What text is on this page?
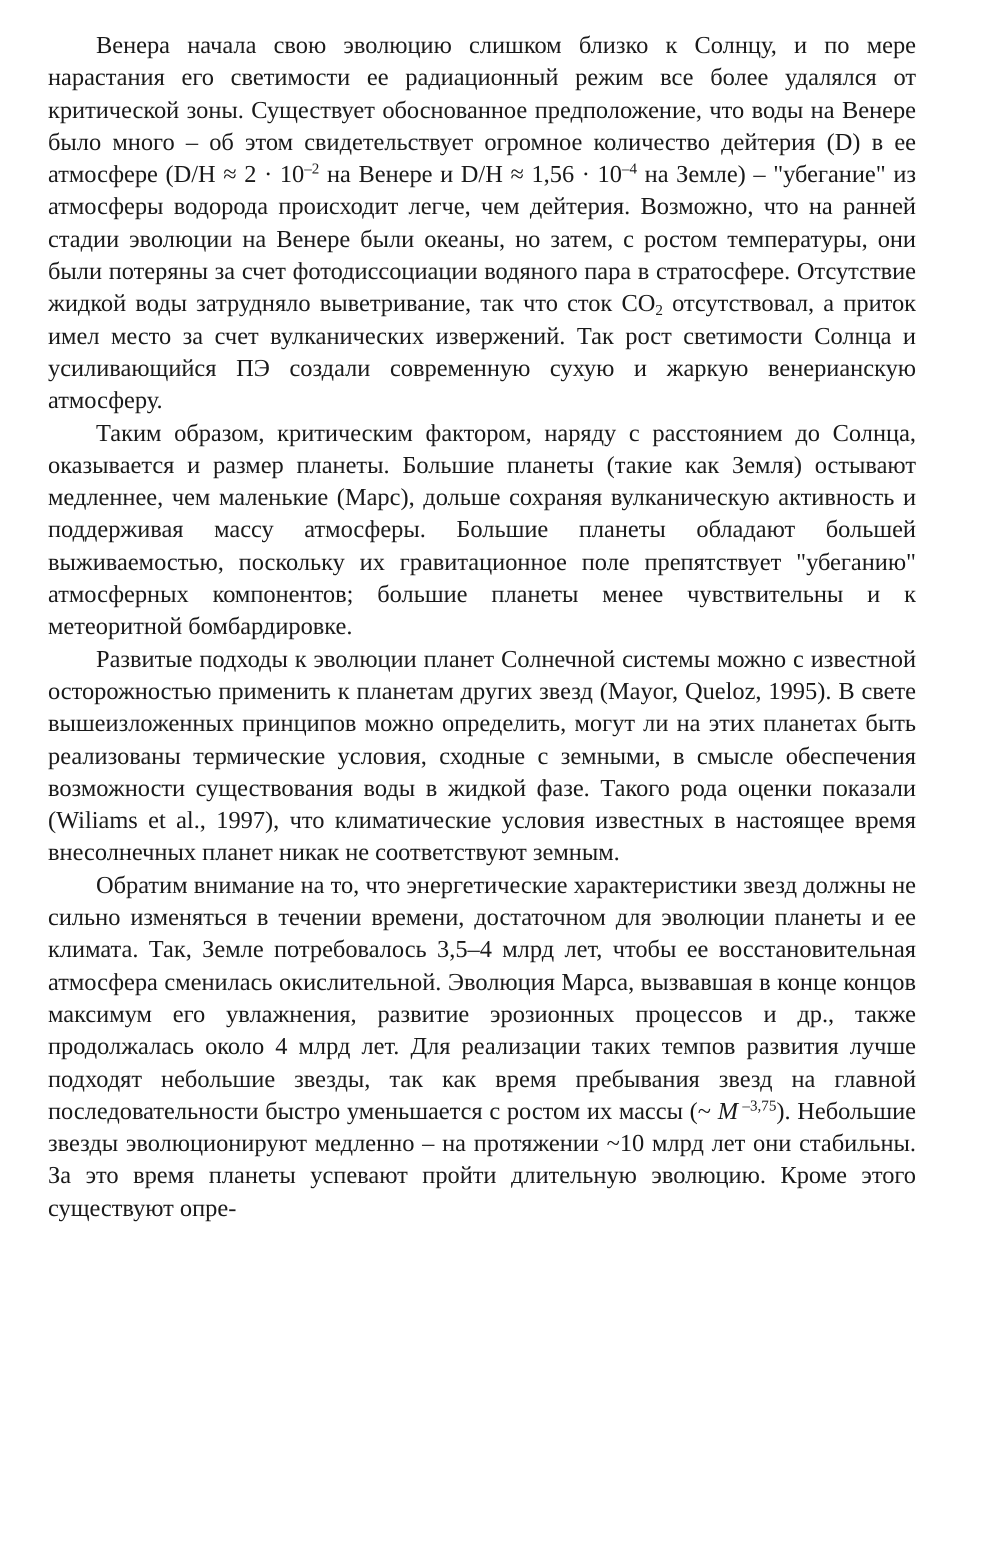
Венера начала свою эволюцию слишком близко к Солнцу, и по мере нарастания его светимости ее радиационный режим все более удалялся от критической зоны. Существует обоснованное предположение, что воды на Венере было много – об этом свидетельствует огромное количество дейтерия (D) в ее атмосфере ($D/H \approx 2 \cdot 10^{-2}$ на Венере и $D/H \approx 1,56 \cdot 10^{-4}$ на Земле) – "убегание" из атмосферы водорода происходит легче, чем дейтерия. Возможно, что на ранней стадии эволюции на Венере были океаны, но затем, с ростом температуры, они были потеряны за счет фотодиссоциации водяного пара в стратосфере. Отсутствие жидкой воды затрудняло выветривание, так что сток $CO_2$ отсутствовал, а приток имел место за счет вулканических извержений. Так рост светимости Солнца и усиливающийся ПЭ создали современную сухую и жаркую венерианскую атмосферу.

Таким образом, критическим фактором, наряду с расстоянием до Солнца, оказывается и размер планеты. Большие планеты (такие как Земля) остывают медленнее, чем маленькие (Марс), дольше сохраняя вулканическую активность и поддерживая массу атмосферы. Большие планеты обладают большей выживаемостью, поскольку их гравитационное поле препятствует "убеганию" атмосферных компонентов; большие планеты менее чувствительны и к метеоритной бомбардировке.

Развитые подходы к эволюции планет Солнечной системы можно с известной осторожностью применить к планетам других звезд (Mayor, Queloz, 1995). В свете вышеизложенных принципов можно определить, могут ли на этих планетах быть реализованы термические условия, сходные с земными, в смысле обеспечения возможности существования воды в жидкой фазе. Такого рода оценки показали (Wiliams et al., 1997), что климатические условия известных в настоящее время внесолнечных планет никак не соответствуют земным.

Обратим внимание на то, что энергетические характеристики звезд должны не сильно изменяться в течении времени, достаточном для эволюции планеты и ее климата. Так, Земле потребовалось 3,5–4 млрд лет, чтобы ее восстановительная атмосфера сменилась окислительной. Эволюция Марса, вызвавшая в конце концов максимум его увлажнения, развитие эрозионных процессов и др., также продолжалась около 4 млрд лет. Для реализации таких темпов развития лучше подходят небольшие звезды, так как время пребывания звезд на главной последовательности быстро уменьшается с ростом их массы (~ M $^{-3,75}$). Небольшие звезды эволюционируют медленно – на протяжении ~10 млрд лет они стабильны. За это время планеты успевают пройти длительную эволюцию. Кроме этого существуют опре-
